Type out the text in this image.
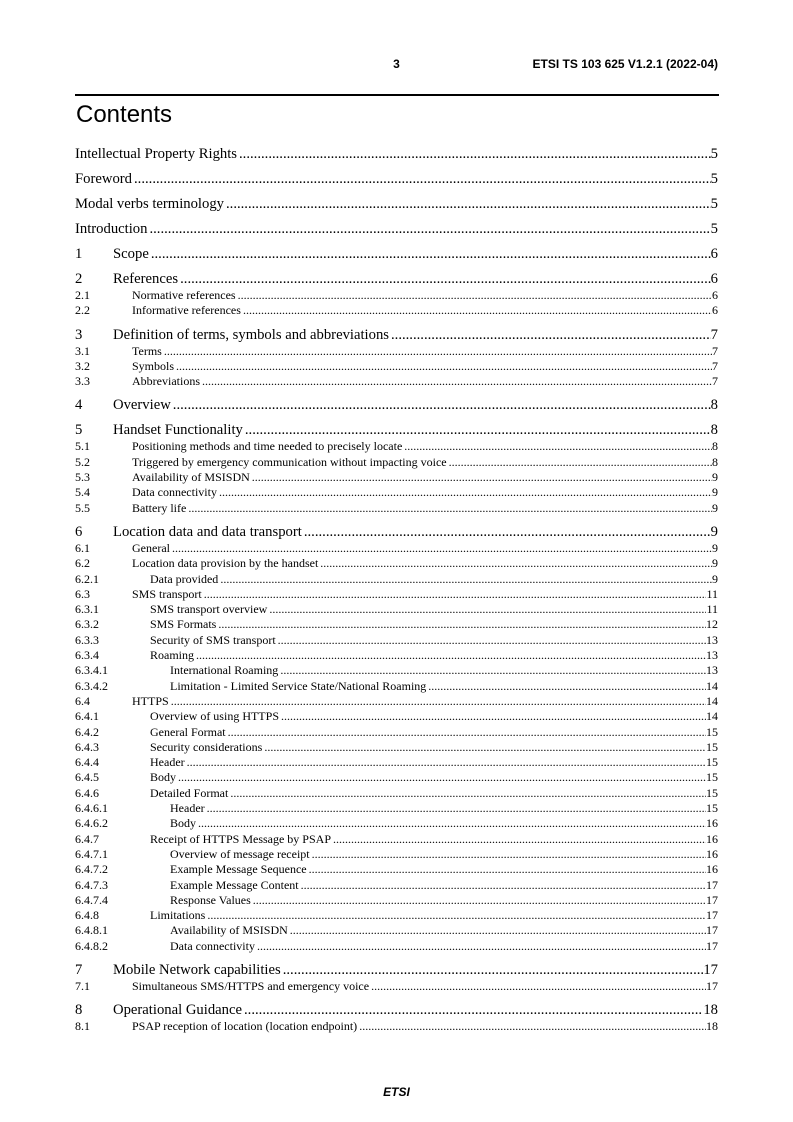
3	ETSI TS 103 625 V1.2.1 (2022-04)
Contents
Intellectual Property Rights .....	5
Foreword .....	5
Modal verbs terminology .....	5
Introduction .....	5
1	Scope .....	6
2	References .....	6
2.1	Normative references .....	6
2.2	Informative references .....	6
3	Definition of terms, symbols and abbreviations .....	7
3.1	Terms .....	7
3.2	Symbols .....	7
3.3	Abbreviations .....	7
4	Overview .....	8
5	Handset Functionality .....	8
5.1	Positioning methods and time needed to precisely locate .....	8
5.2	Triggered by emergency communication without impacting voice .....	8
5.3	Availability of MSISDN .....	9
5.4	Data connectivity .....	9
5.5	Battery life .....	9
6	Location data and data transport .....	9
6.1	General .....	9
6.2	Location data provision by the handset .....	9
6.2.1	Data provided .....	9
6.3	SMS transport .....	11
6.3.1	SMS transport overview .....	11
6.3.2	SMS Formats .....	12
6.3.3	Security of SMS transport .....	13
6.3.4	Roaming .....	13
6.3.4.1	International Roaming .....	13
6.3.4.2	Limitation - Limited Service State/National Roaming .....	14
6.4	HTTPS .....	14
6.4.1	Overview of using HTTPS .....	14
6.4.2	General Format .....	15
6.4.3	Security considerations .....	15
6.4.4	Header .....	15
6.4.5	Body .....	15
6.4.6	Detailed Format .....	15
6.4.6.1	Header .....	15
6.4.6.2	Body .....	16
6.4.7	Receipt of HTTPS Message by PSAP .....	16
6.4.7.1	Overview of message receipt .....	16
6.4.7.2	Example Message Sequence .....	16
6.4.7.3	Example Message Content .....	17
6.4.7.4	Response Values .....	17
6.4.8	Limitations .....	17
6.4.8.1	Availability of MSISDN .....	17
6.4.8.2	Data connectivity .....	17
7	Mobile Network capabilities .....	17
7.1	Simultaneous SMS/HTTPS and emergency voice .....	17
8	Operational Guidance .....	18
8.1	PSAP reception of location (location endpoint) .....	18
ETSI
